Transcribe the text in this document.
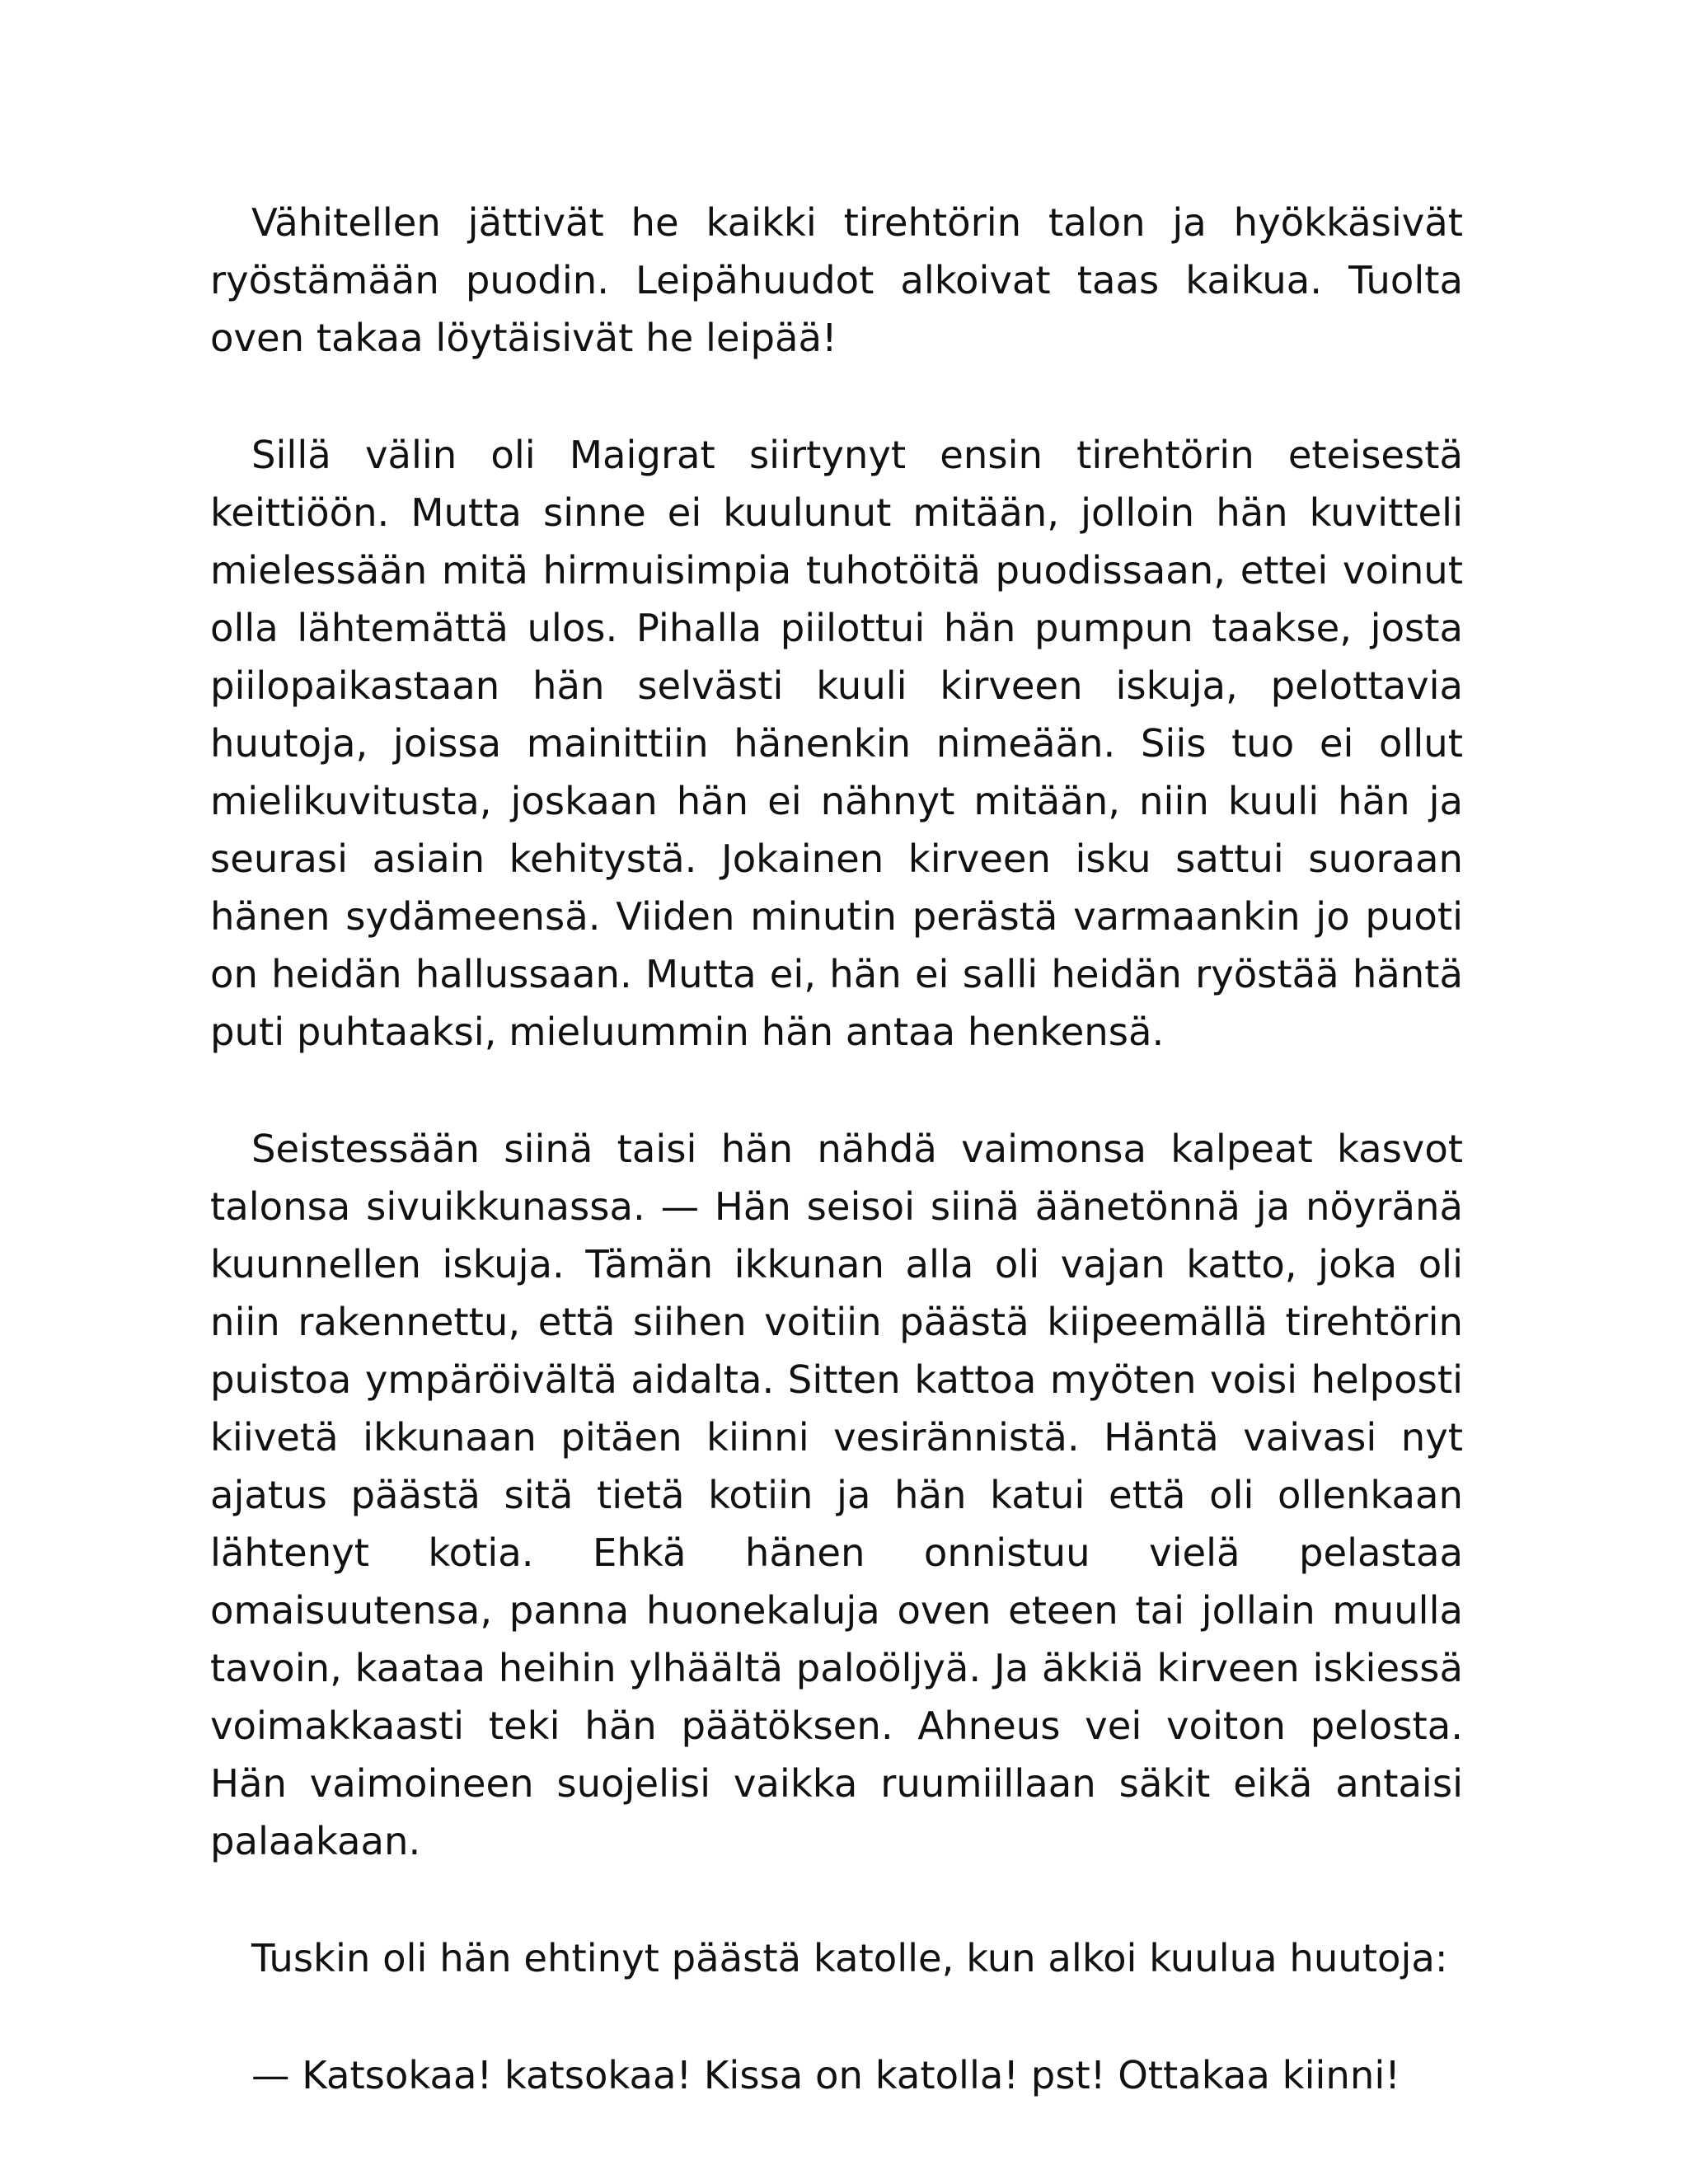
Vähitellen jättivät he kaikki tirehtörin talon ja hyökkäsivät ryöstämään puodin. Leipähuudot alkoivat taas kaikua. Tuolta oven takaa löytäisivät he leipää!

Sillä välin oli Maigrat siirtynyt ensin tirehtörin eteisestä keittiöön. Mutta sinne ei kuulunut mitään, jolloin hän kuvitteli mielessään mitä hirmuisimpia tuhotöitä puodissaan, ettei voinut olla lähtemättä ulos. Pihalla piilottui hän pumpun taakse, josta piilopaikastaan hän selvästi kuuli kirveen iskuja, pelottavia huutoja, joissa mainittiin hänenkin nimeään. Siis tuo ei ollut mielikuvitusta, joskaan hän ei nähnyt mitään, niin kuuli hän ja seurasi asiain kehitystä. Jokainen kirveen isku sattui suoraan hänen sydämeensä. Viiden minutin perästä varmaankin jo puoti on heidän hallussaan. Mutta ei, hän ei salli heidän ryöstää häntä puti puhtaaksi, mieluummin hän antaa henkensä.

Seistessään siinä taisi hän nähdä vaimonsa kalpeat kasvot talonsa sivuikkunassa. — Hän seisoi siinä äänetönnä ja nöyränä kuunnellen iskuja. Tämän ikkunan alla oli vajan katto, joka oli niin rakennettu, että siihen voitiin päästä kiipeemällä tirehtörin puistoa ympäröivältä aidalta. Sitten kattoa myöten voisi helposti kiivetä ikkunaan pitäen kiinni vesirännistä. Häntä vaivasi nyt ajatus päästä sitä tietä kotiin ja hän katui että oli ollenkaan lähtenyt kotia. Ehkä hänen onnistuu vielä pelastaa omaisuutensa, panna huonekaluja oven eteen tai jollain muulla tavoin, kaataa heihin ylhäältä paloöljyä. Ja äkkiä kirveen iskiessä voimakkaasti teki hän päätöksen. Ahneus vei voiton pelosta. Hän vaimoineen suojelisi vaikka ruumiillaan säkit eikä antaisi palaakaan.

Tuskin oli hän ehtinyt päästä katolle, kun alkoi kuulua huutoja:

— Katsokaa! katsokaa! Kissa on katolla! pst! Ottakaa kiinni!
